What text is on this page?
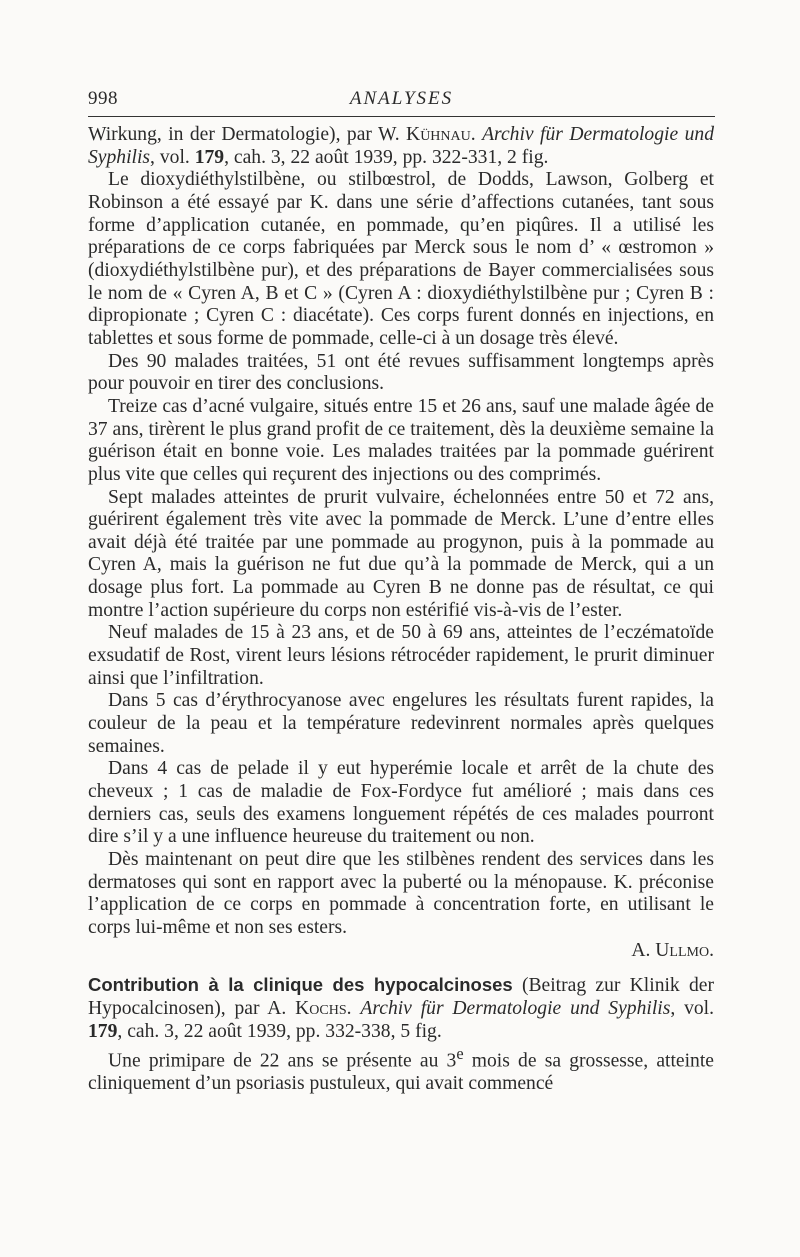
998	ANALYSES

Wirkung, in der Dermatologie), par W. Kühnau. Archiv für Dermatologie und Syphilis, vol. 179, cah. 3, 22 août 1939, pp. 322-331, 2 fig.

Le dioxydiéthylstilbène, ou stilbœstrol, de Dodds, Lawson, Golberg et Robinson a été essayé par K. dans une série d’affections cutanées, tant sous forme d’application cutanée, en pommade, qu’en piqûres. Il a utilisé les préparations de ce corps fabriquées par Merck sous le nom d’ « œstromon » (dioxydiéthylstilbène pur), et des préparations de Bayer commercialisées sous le nom de « Cyren A, B et C » (Cyren A : dioxydiéthylstilbène pur ; Cyren B : dipropionate ; Cyren C : diacétate). Ces corps furent donnés en injections, en tablettes et sous forme de pommade, celle-ci à un dosage très élevé.

Des 90 malades traitées, 51 ont été revues suffisamment longtemps après pour pouvoir en tirer des conclusions.

Treize cas d’acné vulgaire, situés entre 15 et 26 ans, sauf une malade âgée de 37 ans, tirèrent le plus grand profit de ce traitement, dès la deuxième semaine la guérison était en bonne voie. Les malades traitées par la pommade guérirent plus vite que celles qui reçurent des injections ou des comprimés.

Sept malades atteintes de prurit vulvaire, échelonnées entre 50 et 72 ans, guérirent également très vite avec la pommade de Merck. L’une d’entre elles avait déjà été traitée par une pommade au progynon, puis à la pommade au Cyren A, mais la guérison ne fut due qu’à la pommade de Merck, qui a un dosage plus fort. La pommade au Cyren B ne donne pas de résultat, ce qui montre l’action supérieure du corps non estérifié vis-à-vis de l’ester.

Neuf malades de 15 à 23 ans, et de 50 à 69 ans, atteintes de l’eczématoïde exsudatif de Rost, virent leurs lésions rétrocéder rapidement, le prurit diminuer ainsi que l’infiltration.

Dans 5 cas d’érythrocyanose avec engelures les résultats furent rapides, la couleur de la peau et la température redevinrent normales après quelques semaines.

Dans 4 cas de pelade il y eut hyperémie locale et arrêt de la chute des cheveux ; 1 cas de maladie de Fox-Fordyce fut amélioré ; mais dans ces derniers cas, seuls des examens longuement répétés de ces malades pourront dire s’il y a une influence heureuse du traitement ou non.

Dès maintenant on peut dire que les stilbènes rendent des services dans les dermatoses qui sont en rapport avec la puberté ou la ménopause. K. préconise l’application de ce corps en pommade à concentration forte, en utilisant le corps lui-même et non ses esters.

A. Ullmo.

Contribution à la clinique des hypocalcinoses (Beitrag zur Klinik der Hypocalcinosen), par A. Kochs. Archiv für Dermatologie und Syphilis, vol. 179, cah. 3, 22 août 1939, pp. 332-338, 5 fig.

Une primipare de 22 ans se présente au 3e mois de sa grossesse, atteinte cliniquement d’un psoriasis pustuleux, qui avait commencé
